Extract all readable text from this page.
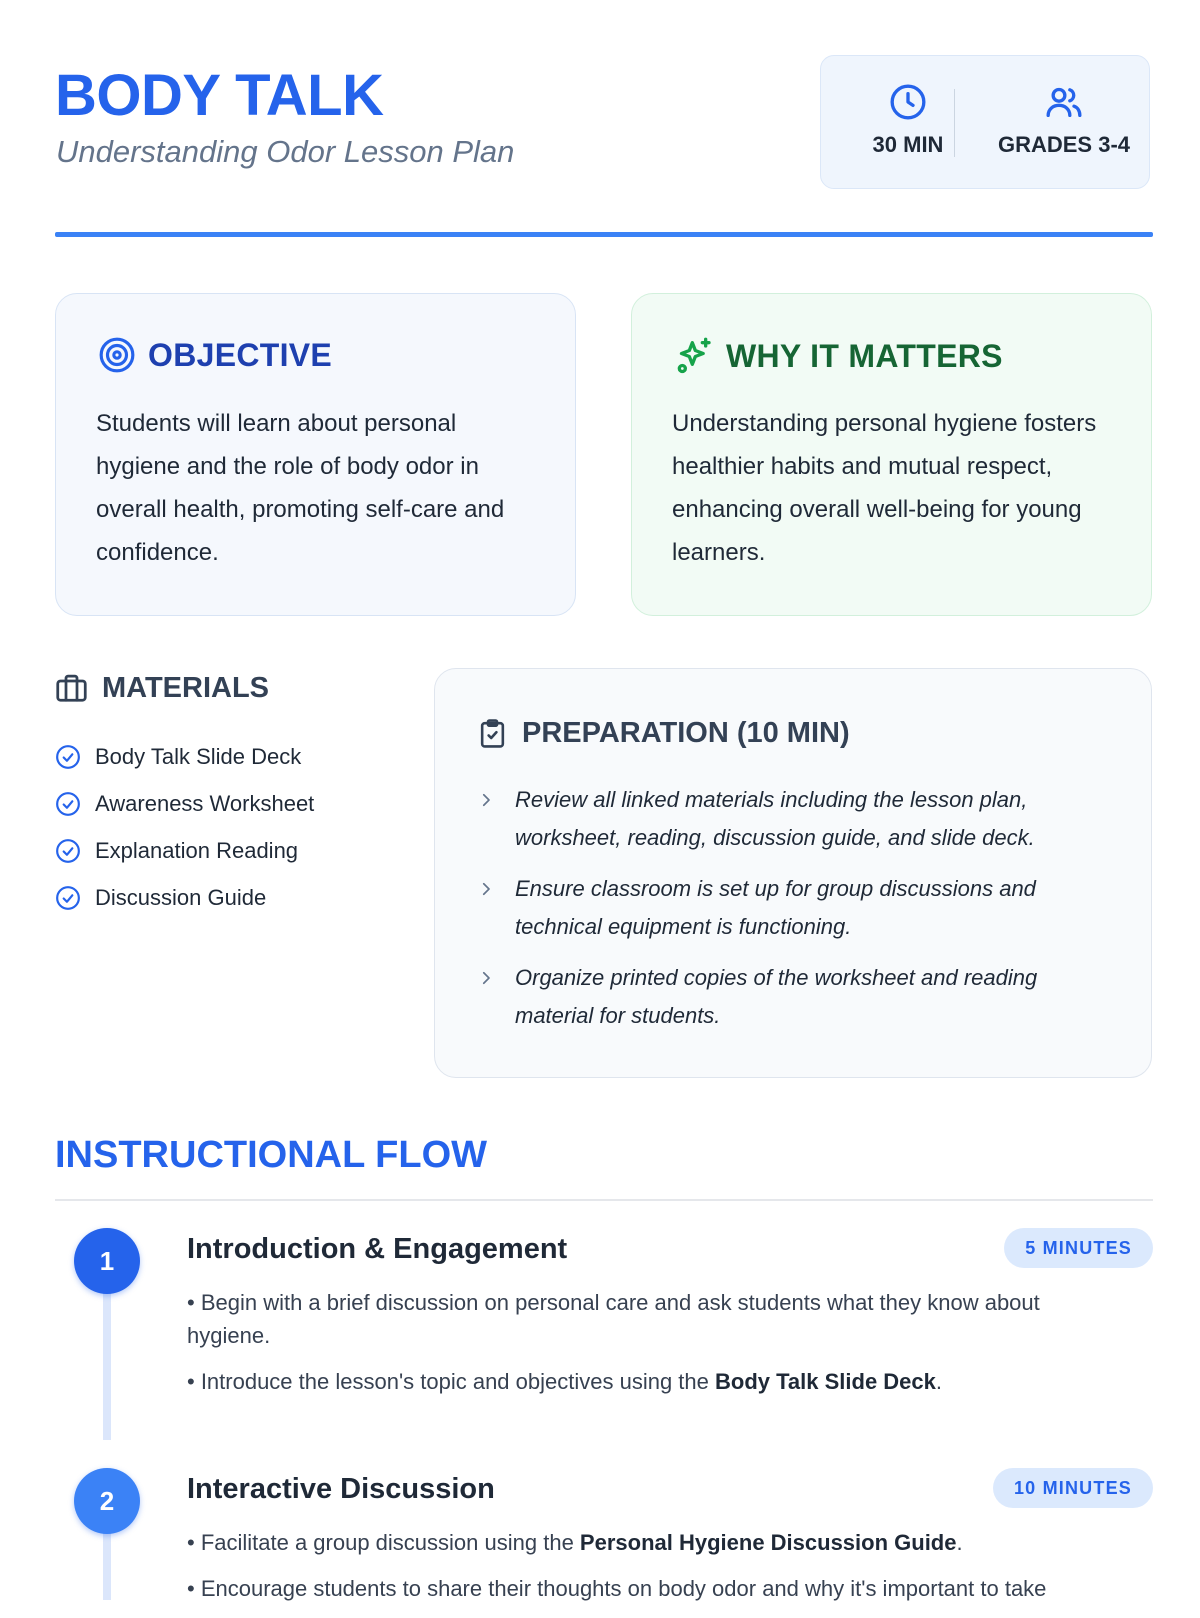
BODY TALK
Understanding Odor Lesson Plan	30 MIN	GRADES 3-4
OBJECTIVE

Students will learn about personal hygiene and the role of body odor in overall health, promoting self-care and confidence.

WHY IT MATTERS

Understanding personal hygiene fosters healthier habits and mutual respect, enhancing overall well-being for young learners.

MATERIALS
Body Talk Slide Deck
Awareness Worksheet
Explanation Reading
Discussion Guide
PREPARATION (10 MIN)
Review all linked materials including the lesson plan, worksheet, reading, discussion guide, and slide deck.
Ensure classroom is set up for group discussions and technical equipment is functioning.
Organize printed copies of the worksheet and reading material for students.
INSTRUCTIONAL FLOW
1	Introduction & Engagement	5 MINUTES
• Begin with a brief discussion on personal care and ask students what they know about hygiene.
• Introduce the lesson's topic and objectives using the Body Talk Slide Deck.
2	Interactive Discussion	10 MINUTES
• Facilitate a group discussion using the Personal Hygiene Discussion Guide.
• Encourage students to share their thoughts on body odor and why it's important to take
